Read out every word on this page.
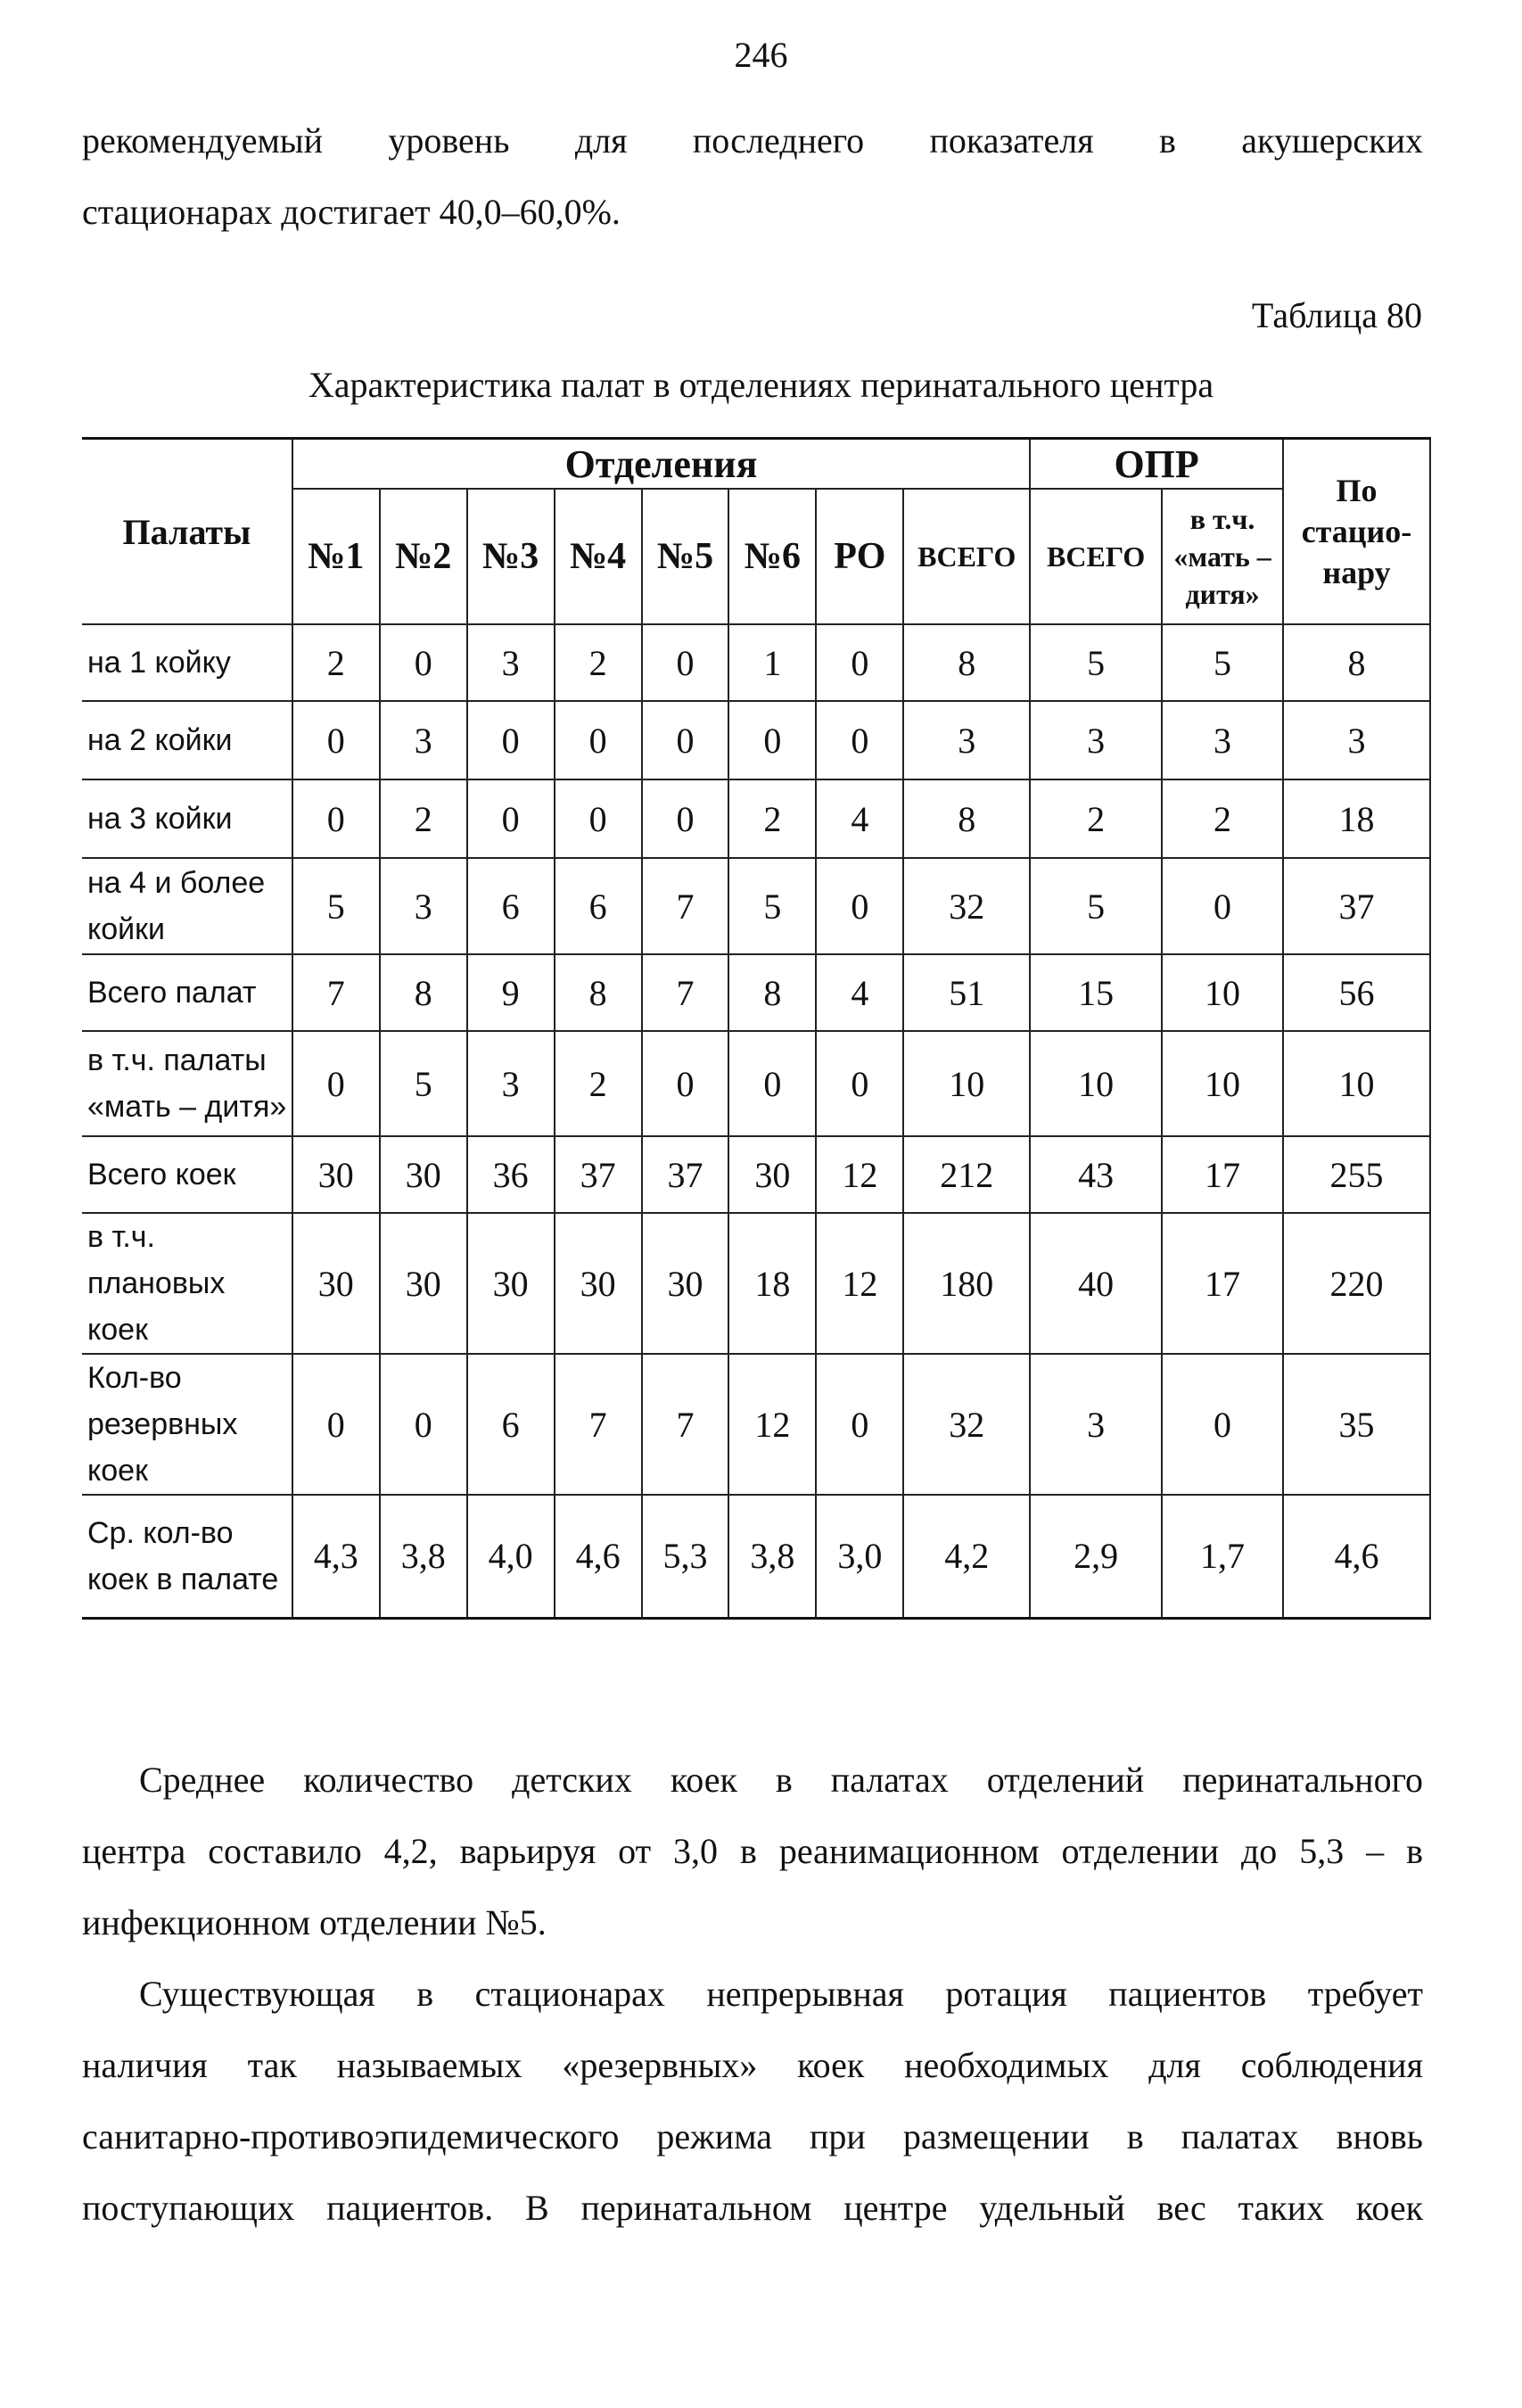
246
рекомендуемый уровень для последнего показателя в акушерских
стационарах достигает 40,0–60,0%.
Таблица 80
Характеристика палат в отделениях перинатального центра
Палаты	Отделения								ОПР		По стацио-нару
	№1	№2	№3	№4	№5	№6	РО	ВСЕГО	ВСЕГО	в т.ч. «мать – дитя»	
на 1 койку	2	0	3	2	0	1	0	8	5	5	8
на 2 койки	0	3	0	0	0	0	0	3	3	3	3
на 3 койки	0	2	0	0	0	2	4	8	2	2	18
на 4 и более койки	5	3	6	6	7	5	0	32	5	0	37
Всего палат	7	8	9	8	7	8	4	51	15	10	56
в т.ч. палаты «мать – дитя»	0	5	3	2	0	0	0	10	10	10	10
Всего коек	30	30	36	37	37	30	12	212	43	17	255
в т.ч. плановых коек	30	30	30	30	30	18	12	180	40	17	220
Кол-во резервных коек	0	0	6	7	7	12	0	32	3	0	35
Ср. кол-во коек в палате	4,3	3,8	4,0	4,6	5,3	3,8	3,0	4,2	2,9	1,7	4,6
Среднее количество детских коек в палатах отделений перинатального
центра составило 4,2, варьируя от 3,0 в реанимационном отделении до 5,3 – в
инфекционном отделении №5.
Существующая в стационарах непрерывная ротация пациентов требует
наличия так называемых «резервных» коек необходимых для соблюдения
санитарно-противоэпидемического режима при размещении в палатах вновь
поступающих пациентов. В перинатальном центре удельный вес таких коек
